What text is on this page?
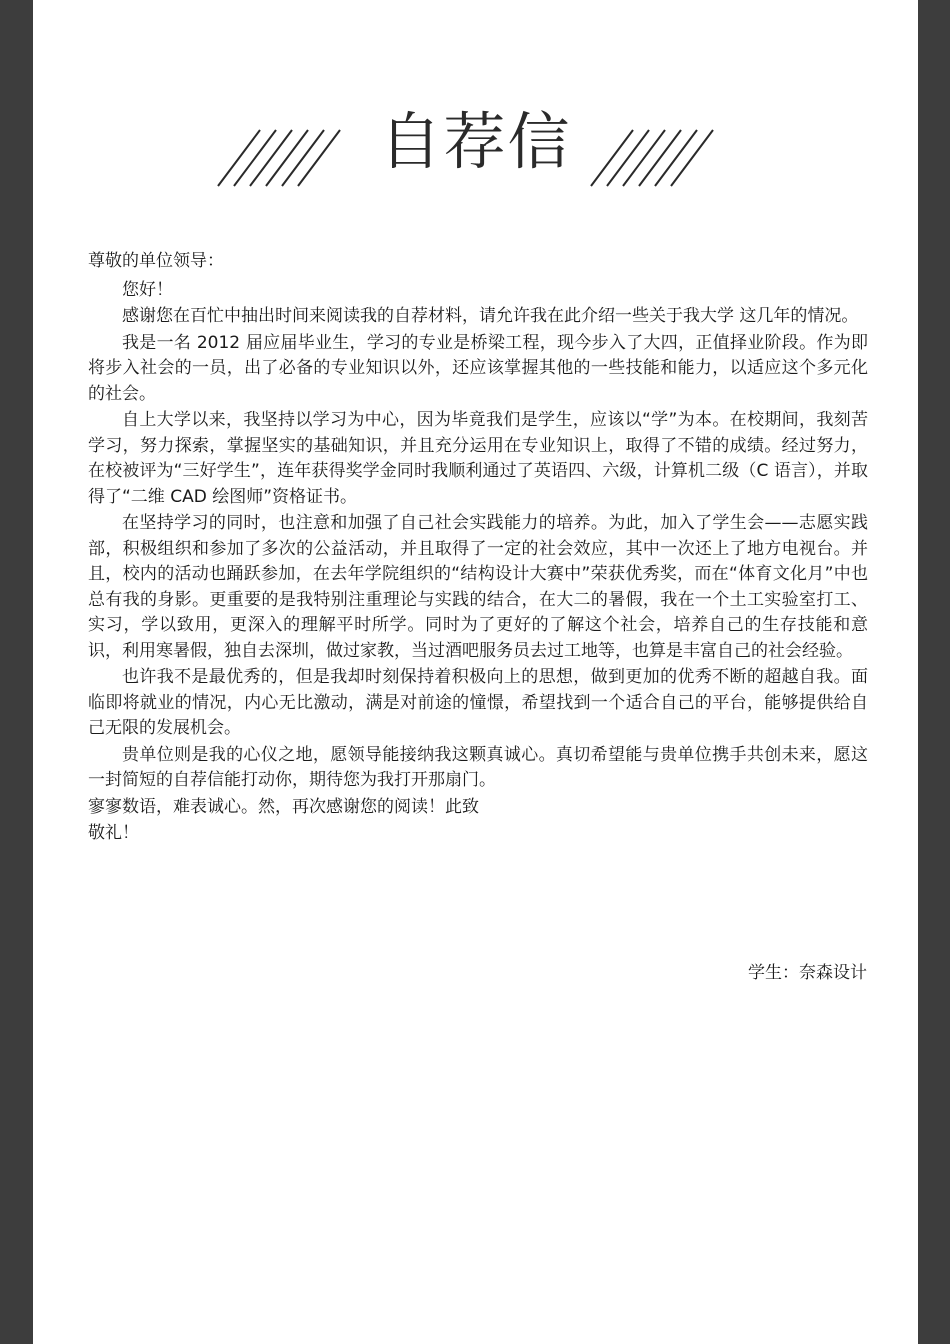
自荐信

尊敬的单位领导：

您好！

感谢您在百忙中抽出时间来阅读我的自荐材料，请允许我在此介绍一些关于我大学 这几年的情况。

我是一名 2012 届应届毕业生，学习的专业是桥梁工程，现今步入了大四，正值择业阶段。作为即将步入社会的一员，出了必备的专业知识以外，还应该掌握其他的一些技能和能力，以适应这个多元化的社会。

自上大学以来，我坚持以学习为中心，因为毕竟我们是学生，应该以“学”为本。在校期间，我刻苦学习，努力探索，掌握坚实的基础知识，并且充分运用在专业知识上，取得了不错的成绩。经过努力，在校被评为“三好学生”，连年获得奖学金同时我顺利通过了英语四、六级，计算机二级（C 语言），并取得了“二维 CAD 绘图师”资格证书。

在坚持学习的同时，也注意和加强了自己社会实践能力的培养。为此，加入了学生会——志愿实践部，积极组织和参加了多次的公益活动，并且取得了一定的社会效应，其中一次还上了地方电视台。并且，校内的活动也踊跃参加，在去年学院组织的“结构设计大赛中”荣获优秀奖，而在“体育文化月”中也总有我的身影。更重要的是我特别注重理论与实践的结合，在大二的暑假，我在一个土工实验室打工、实习，学以致用，更深入的理解平时所学。同时为了更好的了解这个社会，培养自己的生存技能和意识，利用寒暑假，独自去深圳，做过家教，当过酒吧服务员去过工地等，也算是丰富自己的社会经验。

也许我不是最优秀的，但是我却时刻保持着积极向上的思想，做到更加的优秀不断的超越自我。面临即将就业的情况，内心无比激动，满是对前途的憧憬，希望找到一个适合自己的平台，能够提供给自己无限的发展机会。

贵单位则是我的心仪之地，愿领导能接纳我这颗真诚心。真切希望能与贵单位携手共创未来，愿这一封简短的自荐信能打动你，期待您为我打开那扇门。

寥寥数语，难表诚心。然，再次感谢您的阅读！此致

敬礼！

学生：奈森设计
